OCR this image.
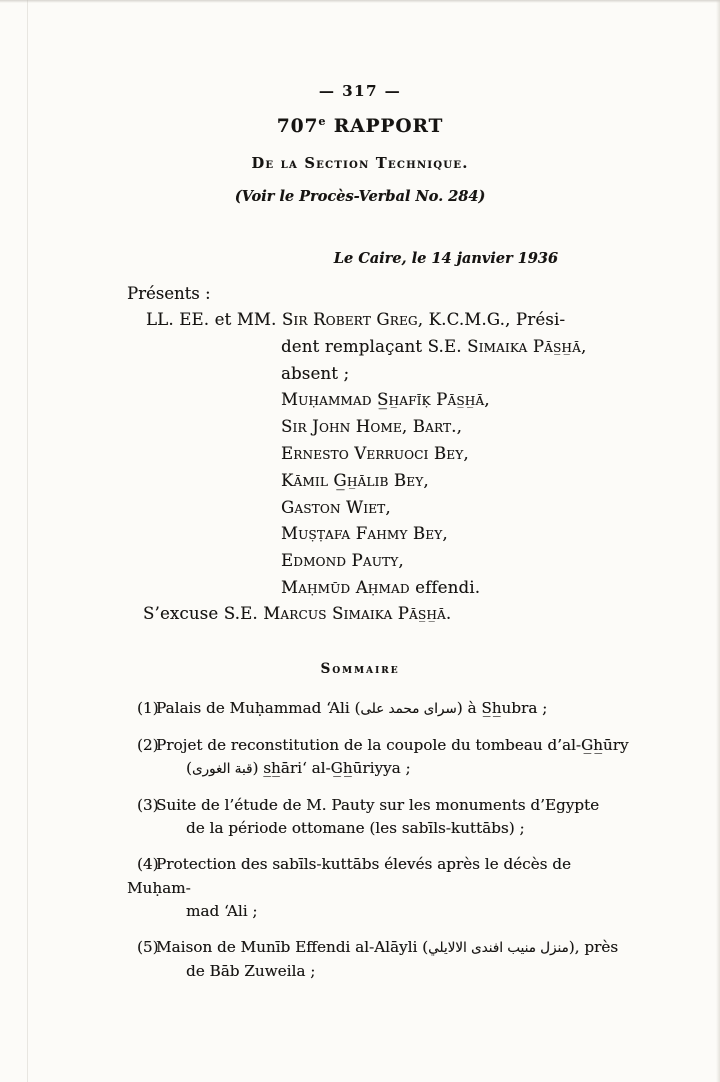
— 317 —
707e RAPPORT
De la Section Technique.
(Voir le Procès-Verbal No. 284)
Le Caire, le 14 janvier 1936
Présents :
LL. EE. et MM. Sir Robert Greg, K.C.M.G., Prési-
dent remplaçant S.E. Simaika Pās̲h̲ā,
absent ;
Muḥammad S̲h̲afīḳ Pās̲h̲ā,
Sir John Home, Bart.,
Ernesto Verruoci Bey,
Kāmil G̲h̲ālib Bey,
Gaston Wiet,
Muṣṭafa Fahmy Bey,
Edmond Pauty,
Maḥmūd Aḥmad effendi.
S’excuse S.E. Marcus Simaika Pās̲h̲ā.
Sommaire
(1)Palais de Muḥammad ‘Ali (سراى محمد على) à S̲h̲ubra ;
(2)Projet de reconstitution de la coupole du tombeau d’al-G̲h̲ūry
(قبة الغورى) s̲h̲āri‘ al-G̲h̲ūriyya ;
(3)Suite de l’étude de M. Pauty sur les monuments d’Egypte
de la période ottomane (les sabīls-kuttābs) ;
(4)Protection des sabīls-kuttābs élevés après le décès de Muḥam-
mad ‘Ali ;
(5)Maison de Munīb Effendi al-Alāyli (منزل منيب افندى الالايلي), près
de Bāb Zuweila ;
